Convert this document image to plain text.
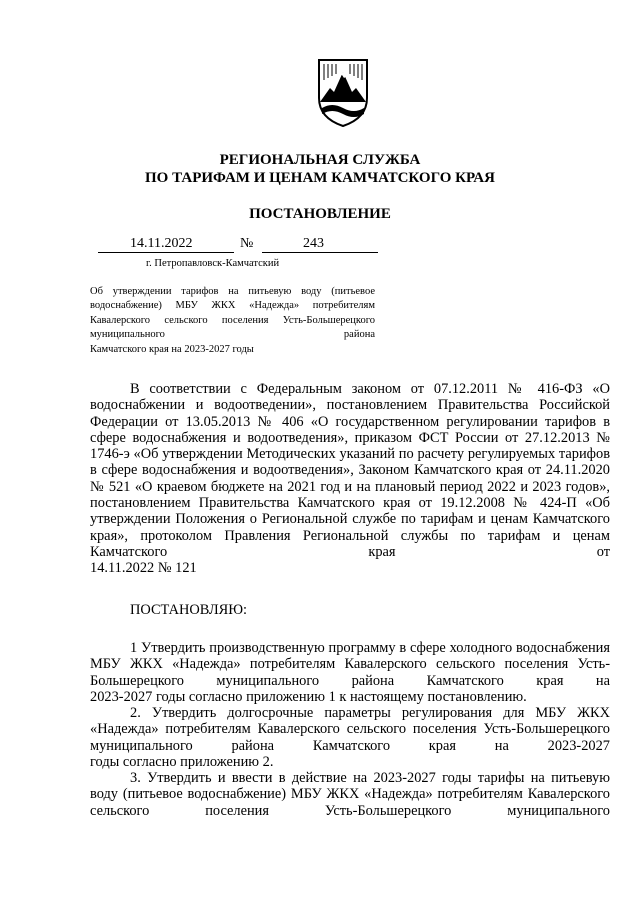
РЕГИОНАЛЬНАЯ СЛУЖБА
ПО ТАРИФАМ И ЦЕНАМ КАМЧАТСКОГО КРАЯ
ПОСТАНОВЛЕНИЕ
14.11.2022	№	243
г. Петропавловск-Камчатский
Об утверждении тарифов на питьевую воду (питьевое водоснабжение) МБУ ЖКХ «Надежда» потребителям Кавалерского сельского поселения Усть-Большерецкого муниципального района
Камчатского края на 2023-2027 годы
В соответствии с Федеральным законом от 07.12.2011 № 416-ФЗ «О водоснабжении и водоотведении», постановлением Правительства Российской Федерации от 13.05.2013 № 406 «О государственном регулировании тарифов в сфере водоснабжения и водоотведения», приказом ФСТ России от 27.12.2013 № 1746-э «Об утверждении Методических указаний по расчету регулируемых тарифов в сфере водоснабжения и водоотведения», Законом Камчатского края от 24.11.2020 № 521 «О краевом бюджете на 2021 год и на плановый период 2022 и 2023 годов», постановлением Правительства Камчатского края от 19.12.2008 № 424-П «Об утверждении Положения о Региональной службе по тарифам и ценам Камчатского края», протоколом Правления Региональной службы по тарифам и ценам Камчатского края от
14.11.2022 № 121
ПОСТАНОВЛЯЮ:
1 Утвердить производственную программу в сфере холодного водоснабжения МБУ ЖКХ «Надежда» потребителям Кавалерского сельского поселения Усть-Большерецкого муниципального района Камчатского края на
2023-2027 годы согласно приложению 1 к настоящему постановлению.
2. Утвердить долгосрочные параметры регулирования для МБУ ЖКХ «Надежда» потребителям Кавалерского сельского поселения Усть-Большерецкого муниципального района Камчатского края на 2023-2027
годы согласно приложению 2.
3. Утвердить и ввести в действие на 2023-2027 годы тарифы на питьевую воду (питьевое водоснабжение) МБУ ЖКХ «Надежда» потребителям Кавалерского сельского поселения Усть-Большерецкого муниципального
